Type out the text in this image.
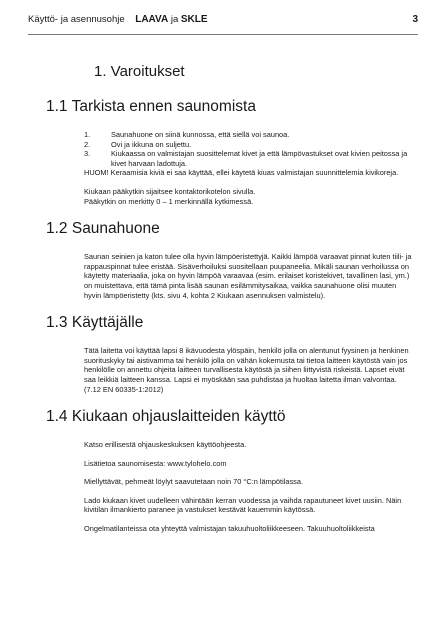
Käyttö- ja asennusohje LAAVA ja SKLE	3
1. Varoitukset
1.1 Tarkista ennen saunomista
1.	Saunahuone on siinä kunnossa, että siellä voi saunoa.
2.	Ovi ja ikkuna on suljettu.
3.	Kiukaassa on valmistajan suosittelemat kivet ja että lämpövastukset ovat kivien peitossa ja kivet harvaan ladottuja.
HUOM! Keraamisia kiviä ei saa käyttää, ellei käytetä kiuas valmistajan suunnittelemia kivikoreja.
Kiukaan pääkytkin sijaitsee kontaktorikotelon sivulla.
Pääkytkin on merkitty 0 – 1 merkinnällä kytkimessä.
1.2 Saunahuone
Saunan seinien ja katon tulee olla hyvin lämpöeristettyjä. Kaikki lämpöä varaavat pinnat kuten tiili- ja rappauspinnat tulee eristää. Sisäverhoiluksi suositellaan puupaneelia. Mikäli saunan verhoilussa on käytetty materiaalia, joka on hyvin lämpöä varaavaa (esim. erilaiset koristekivet, tavallinen lasi, ym.) on muistettava, että tämä pinta lisää saunan esilämmitysaikaa, vaikka saunahuone olisi muuten hyvin lämpöeristetty (kts. sivu 4, kohta 2 Kiukaan asennuksen valmistelu).
1.3 Käyttäjälle
Tätä laitetta voi käyttää lapsi 8 ikävuodesta ylöspäin, henkilö jolla on alentunut fyysinen ja henkinen suorituskyky tai aistivamma tai henkilö jolla on vähän kokemusta tai tietoa laitteen käytöstä vain jos henkilölle on annettu ohjeita laitteen turvallisesta käytöstä ja siihen liittyvistä riskeistä. Lapset eivät saa leikkiä laitteen kanssa. Lapsi ei myöskään saa puhdistaa ja huoltaa laitetta ilman valvontaa. (7.12 EN 60335-1:2012)
1.4 Kiukaan ohjauslaitteiden käyttö
Katso erillisestä ohjauskeskuksen käyttöohjeesta.
Lisätietoa saunomisesta: www.tylohelo.com
Miellyttävät, pehmeät löylyt saavutetaan noin 70 °C:n lämpötilassa.
Lado kiukaan kivet uudelleen vähintään kerran vuodessa ja vaihda rapautuneet kivet uusiin. Näin kivitilan ilmankierto paranee ja vastukset kestävät kauemmin käytössä.
Ongelmatilanteissa ota yhteyttä valmistajan takuuhuoltoliikkeeseen. Takuuhuoltoliikkeista
